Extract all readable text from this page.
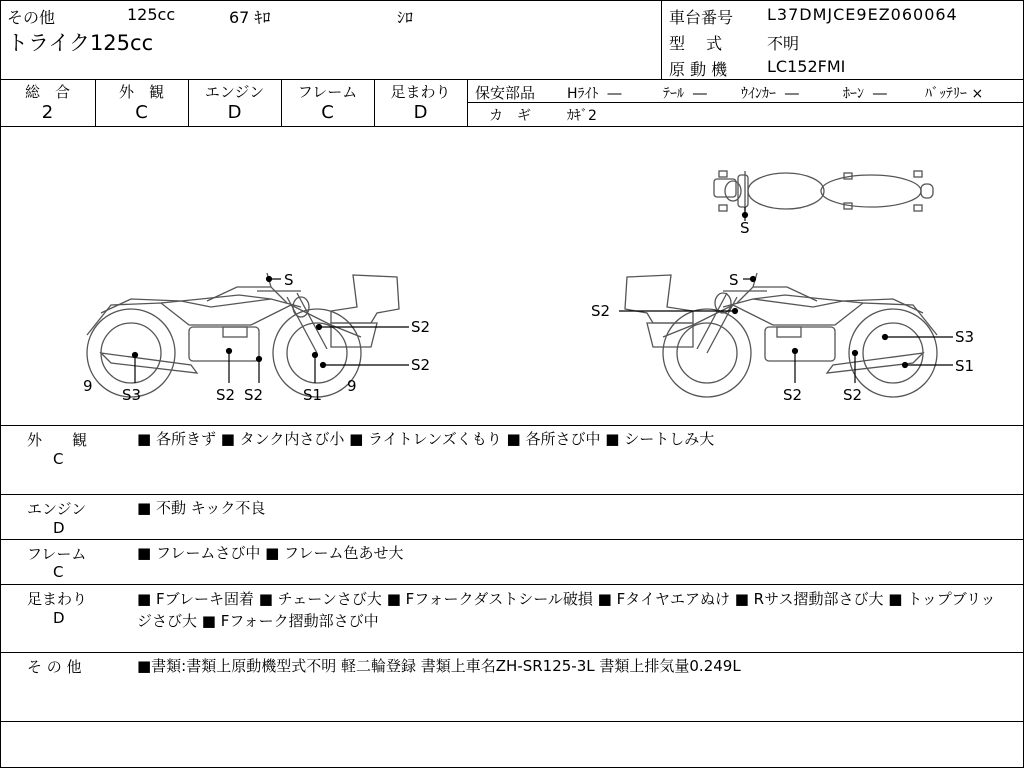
その他	125cc	67 ｷﾛ	ｼﾛ
トライク125cc
車台番号 L37DMJCE9EZ060064
型　 式	不明
原 動 機 LC152FMI
総　合
2
外　観
C
エンジン
D
フレーム
C
足まわり
D
保安部品 Hﾗｲﾄ ―	ﾃｰﾙ ― ｳｲﾝｶｰ ―	ﾎｰﾝ ―	ﾊﾞｯﾃﾘｰ ×
カ　ギ	ｶｷﾞ2
S
S
S2
S2
9 S3	S2 S2	S1 9
S
S2
S3
S1
S2	S2
外　　観
C
■ 各所きず ■ タンク内さび小 ■ ライトレンズくもり ■ 各所さび中 ■ シートしみ大
エンジン
D
■ 不動 キック不良
フレーム
C
■ フレームさび中 ■ フレーム色あせ大
足まわり
D
■ Fブレーキ固着 ■ チェーンさび大 ■ Fフォークダストシール破損 ■ Fタイヤエアぬけ ■ Rサス摺動部さび大 ■ トップブリッジさび大 ■ Fフォーク摺動部さび中
そ の 他	■書類:書類上原動機型式不明 軽二輪登録 書類上車名ZH-SR125-3L 書類上排気量0.249L
